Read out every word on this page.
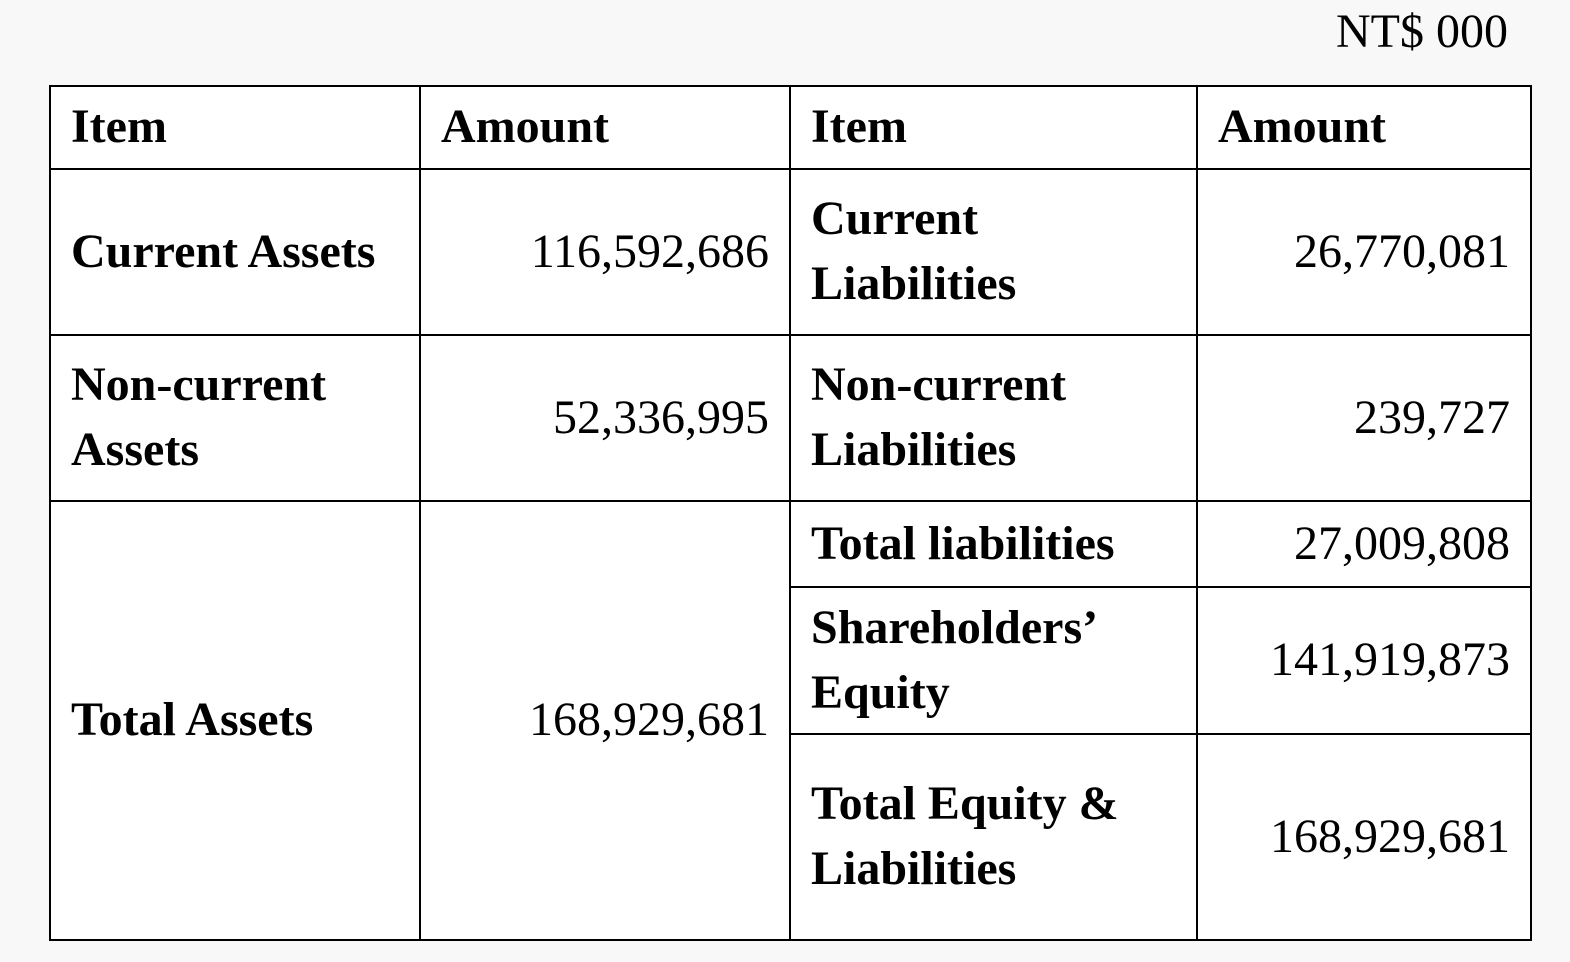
NT$ 000
Item	Amount	Item	Amount
Current Assets	116,592,686	Current Liabilities	26,770,081
Non-current Assets	52,336,995	Non-current Liabilities	239,727
Total Assets	168,929,681	Total liabilities	27,009,808
		Shareholders’ Equity	141,919,873
		Total Equity & Liabilities	168,929,681
